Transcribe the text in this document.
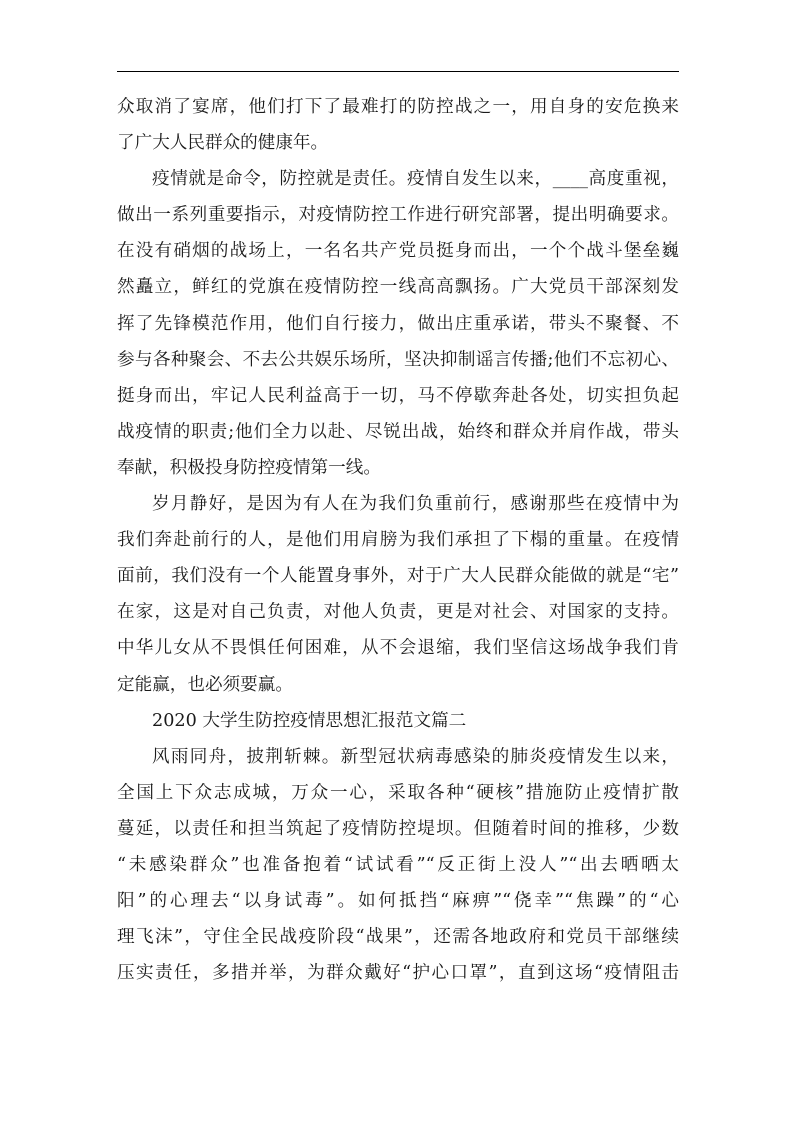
众取消了宴席，他们打下了最难打的防控战之一，用自身的安危换来
了广大人民群众的健康年。
疫情就是命令，防控就是责任。疫情自发生以来，____高度重视，
做出一系列重要指示，对疫情防控工作进行研究部署，提出明确要求。
在没有硝烟的战场上，一名名共产党员挺身而出，一个个战斗堡垒巍
然矗立，鲜红的党旗在疫情防控一线高高飘扬。广大党员干部深刻发
挥了先锋模范作用，他们自行接力，做出庄重承诺，带头不聚餐、不
参与各种聚会、不去公共娱乐场所，坚决抑制谣言传播;他们不忘初心、
挺身而出，牢记人民利益高于一切，马不停歇奔赴各处，切实担负起
战疫情的职责;他们全力以赴、尽锐出战，始终和群众并肩作战，带头
奉献，积极投身防控疫情第一线。
岁月静好，是因为有人在为我们负重前行，感谢那些在疫情中为
我们奔赴前行的人，是他们用肩膀为我们承担了下榻的重量。在疫情
面前，我们没有一个人能置身事外，对于广大人民群众能做的就是“宅”
在家，这是对自己负责，对他人负责，更是对社会、对国家的支持。
中华儿女从不畏惧任何困难，从不会退缩，我们坚信这场战争我们肯
定能赢，也必须要赢。
2020 大学生防控疫情思想汇报范文篇二
风雨同舟，披荆斩棘。新型冠状病毒感染的肺炎疫情发生以来，
全国上下众志成城，万众一心，采取各种“硬核”措施防止疫情扩散
蔓延，以责任和担当筑起了疫情防控堤坝。但随着时间的推移，少数
“未感染群众”也准备抱着“试试看”“反正街上没人”“出去晒晒太
阳”的心理去“以身试毒”。如何抵挡“麻痹”“侥幸”“焦躁”的“心
理飞沫”，守住全民战疫阶段“战果”，还需各地政府和党员干部继续
压实责任，多措并举，为群众戴好“护心口罩”，直到这场“疫情阻击
